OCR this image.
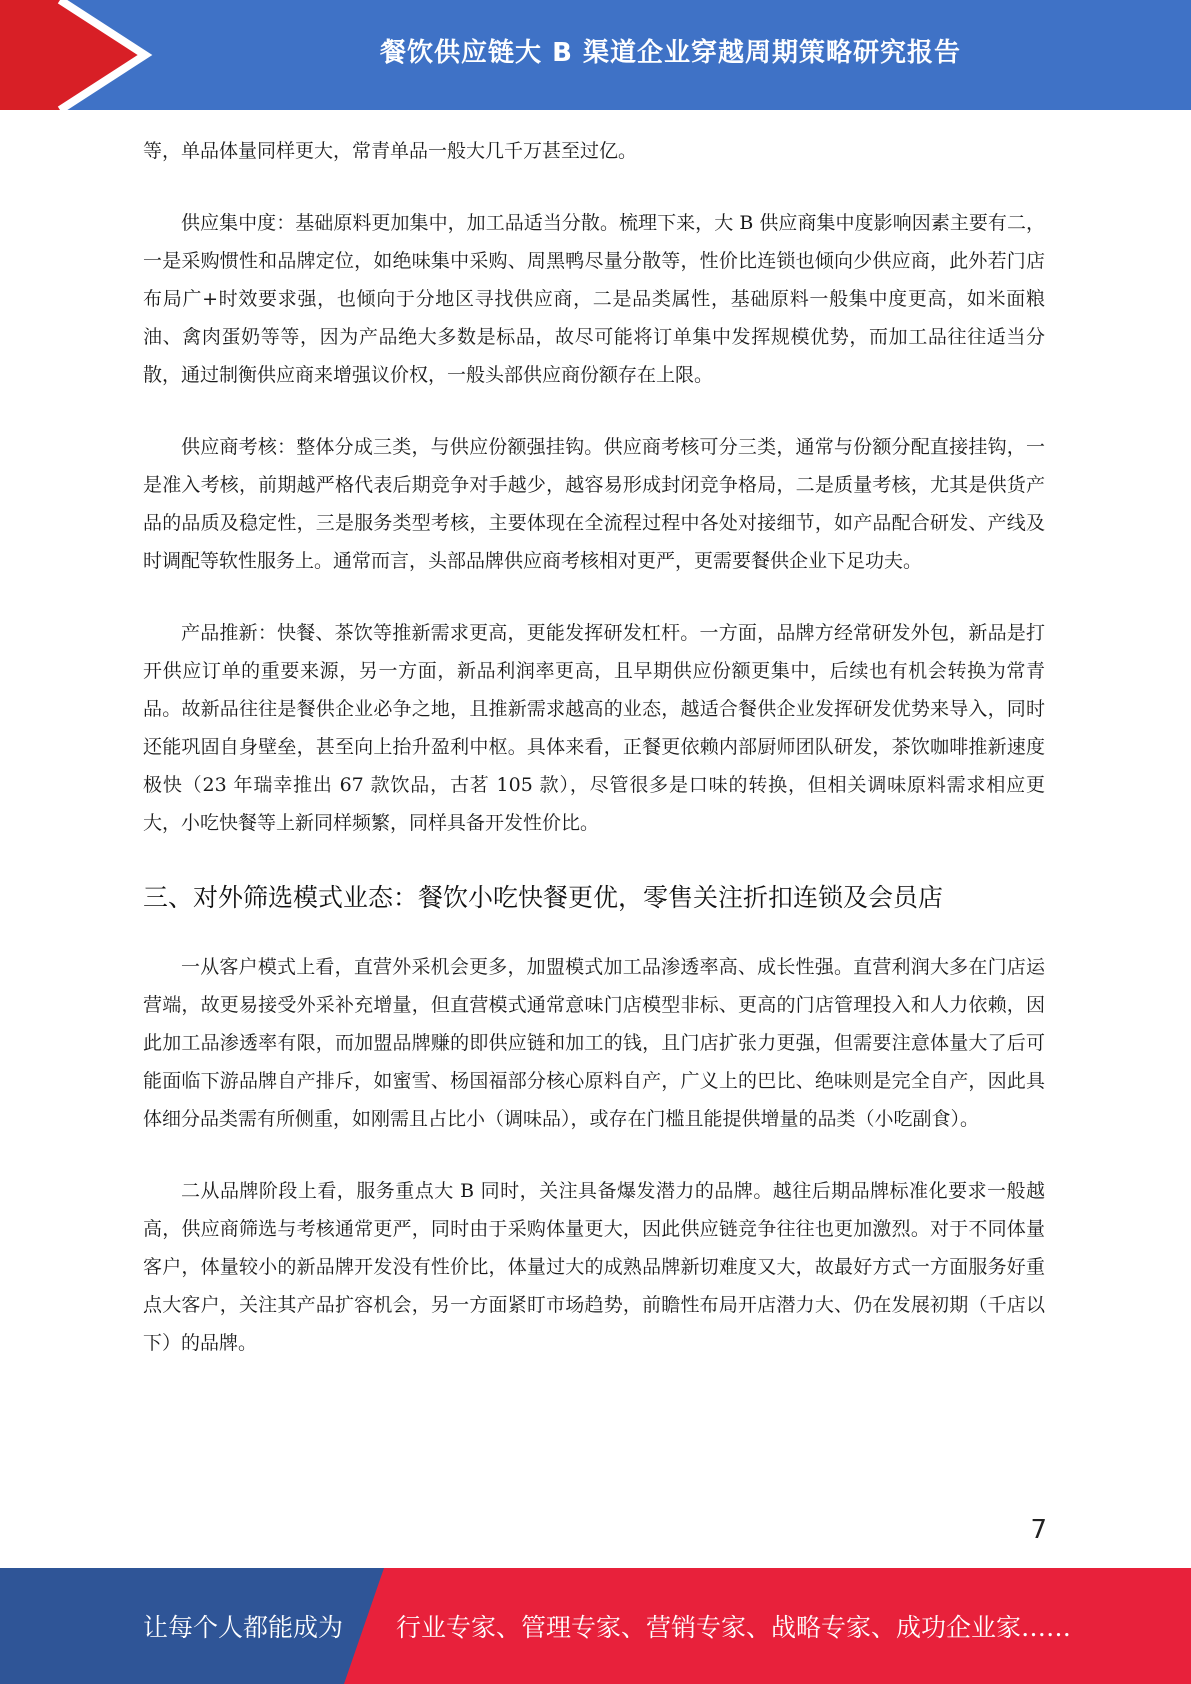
餐饮供应链大 B 渠道企业穿越周期策略研究报告

等，单品体量同样更大，常青单品一般大几千万甚至过亿。

供应集中度：基础原料更加集中，加工品适当分散。梳理下来，大 B 供应商集中度影响因素主要有二，一是采购惯性和品牌定位，如绝味集中采购、周黑鸭尽量分散等，性价比连锁也倾向少供应商，此外若门店布局广+时效要求强，也倾向于分地区寻找供应商，二是品类属性，基础原料一般集中度更高，如米面粮油、禽肉蛋奶等等，因为产品绝大多数是标品，故尽可能将订单集中发挥规模优势，而加工品往往适当分散，通过制衡供应商来增强议价权，一般头部供应商份额存在上限。

供应商考核：整体分成三类，与供应份额强挂钩。供应商考核可分三类，通常与份额分配直接挂钩，一是准入考核，前期越严格代表后期竞争对手越少，越容易形成封闭竞争格局，二是质量考核，尤其是供货产品的品质及稳定性，三是服务类型考核，主要体现在全流程过程中各处对接细节，如产品配合研发、产线及时调配等软性服务上。通常而言，头部品牌供应商考核相对更严，更需要餐供企业下足功夫。

产品推新：快餐、茶饮等推新需求更高，更能发挥研发杠杆。一方面，品牌方经常研发外包，新品是打开供应订单的重要来源，另一方面，新品利润率更高，且早期供应份额更集中，后续也有机会转换为常青品。故新品往往是餐供企业必争之地，且推新需求越高的业态，越适合餐供企业发挥研发优势来导入，同时还能巩固自身壁垒，甚至向上抬升盈利中枢。具体来看，正餐更依赖内部厨师团队研发，茶饮咖啡推新速度极快（23 年瑞幸推出 67 款饮品，古茗 105 款），尽管很多是口味的转换，但相关调味原料需求相应更大，小吃快餐等上新同样频繁，同样具备开发性价比。

三、对外筛选模式业态：餐饮小吃快餐更优，零售关注折扣连锁及会员店

一从客户模式上看，直营外采机会更多，加盟模式加工品渗透率高、成长性强。直营利润大多在门店运营端，故更易接受外采补充增量，但直营模式通常意味门店模型非标、更高的门店管理投入和人力依赖，因此加工品渗透率有限，而加盟品牌赚的即供应链和加工的钱，且门店扩张力更强，但需要注意体量大了后可能面临下游品牌自产排斥，如蜜雪、杨国福部分核心原料自产，广义上的巴比、绝味则是完全自产，因此具体细分品类需有所侧重，如刚需且占比小（调味品），或存在门槛且能提供增量的品类（小吃副食）。

二从品牌阶段上看，服务重点大 B 同时，关注具备爆发潜力的品牌。越往后期品牌标准化要求一般越高，供应商筛选与考核通常更严，同时由于采购体量更大，因此供应链竞争往往也更加激烈。对于不同体量客户，体量较小的新品牌开发没有性价比，体量过大的成熟品牌新切难度又大，故最好方式一方面服务好重点大客户，关注其产品扩容机会，另一方面紧盯市场趋势，前瞻性布局开店潜力大、仍在发展初期（千店以下）的品牌。

7
让每个人都能成为 行业专家、管理专家、营销专家、战略专家、成功企业家……
